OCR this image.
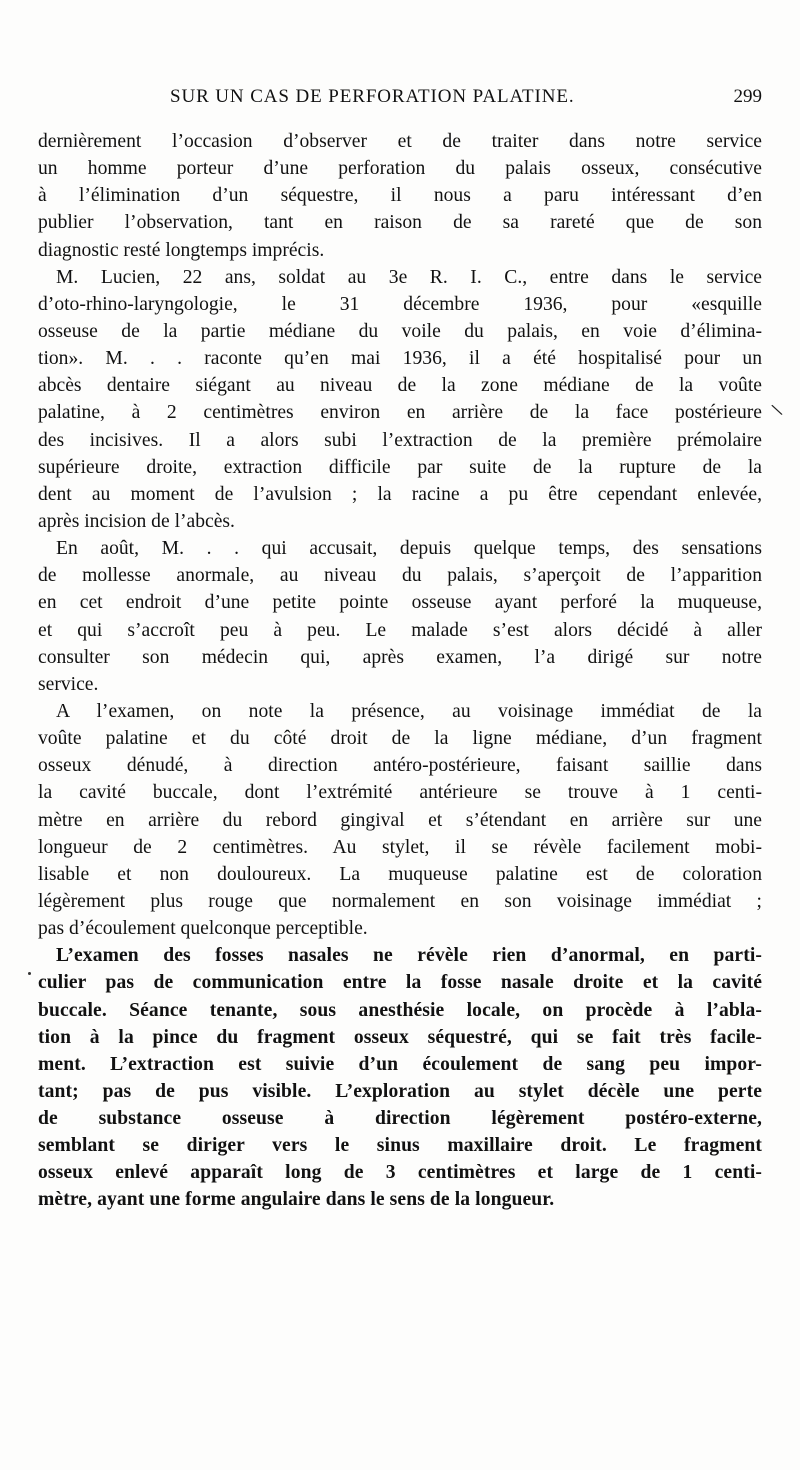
SUR UN CAS DE PERFORATION PALATINE.	299
\
dernièrement l’occasion d’observer et de traiter dans notre service
un homme porteur d’une perforation du palais osseux, consécutive
à l’élimination d’un séquestre, il nous a paru intéressant d’en
publier l’observation, tant en raison de sa rareté que de son
diagnostic resté longtemps imprécis.
M. Lucien, 22 ans, soldat au 3e R. I. C., entre dans le service
d’oto-rhino-laryngologie, le 31 décembre 1936, pour «esquille
osseuse de la partie médiane du voile du palais, en voie d’élimina-
tion». M. . . raconte qu’en mai 1936, il a été hospitalisé pour un
abcès dentaire siégant au niveau de la zone médiane de la voûte
palatine, à 2 centimètres environ en arrière de la face postérieure
des incisives. Il a alors subi l’extraction de la première prémolaire
supérieure droite, extraction difficile par suite de la rupture de la
dent au moment de l’avulsion ; la racine a pu être cependant enlevée,
après incision de l’abcès.
En août, M. . . qui accusait, depuis quelque temps, des sensations
de mollesse anormale, au niveau du palais, s’aperçoit de l’apparition
en cet endroit d’une petite pointe osseuse ayant perforé la muqueuse,
et qui s’accroît peu à peu. Le malade s’est alors décidé à aller
consulter son médecin qui, après examen, l’a dirigé sur notre
service.
A l’examen, on note la présence, au voisinage immédiat de la
voûte palatine et du côté droit de la ligne médiane, d’un fragment
osseux dénudé, à direction antéro-postérieure, faisant saillie dans
la cavité buccale, dont l’extrémité antérieure se trouve à 1 centi-
mètre en arrière du rebord gingival et s’étendant en arrière sur une
longueur de 2 centimètres. Au stylet, il se révèle facilement mobi-
lisable et non douloureux. La muqueuse palatine est de coloration
légèrement plus rouge que normalement en son voisinage immédiat ;
pas d’écoulement quelconque perceptible.
L’examen des fosses nasales ne révèle rien d’anormal, en parti-
culier pas de communication entre la fosse nasale droite et la cavité
buccale. Séance tenante, sous anesthésie locale, on procède à l’abla-
tion à la pince du fragment osseux séquestré, qui se fait très facile-
ment. L’extraction est suivie d’un écoulement de sang peu impor-
tant; pas de pus visible. L’exploration au stylet décèle une perte
de substance osseuse à direction légèrement postéro-externe,
semblant se diriger vers le sinus maxillaire droit. Le fragment
osseux enlevé apparaît long de 3 centimètres et large de 1 centi-
mètre, ayant une forme angulaire dans le sens de la longueur.
